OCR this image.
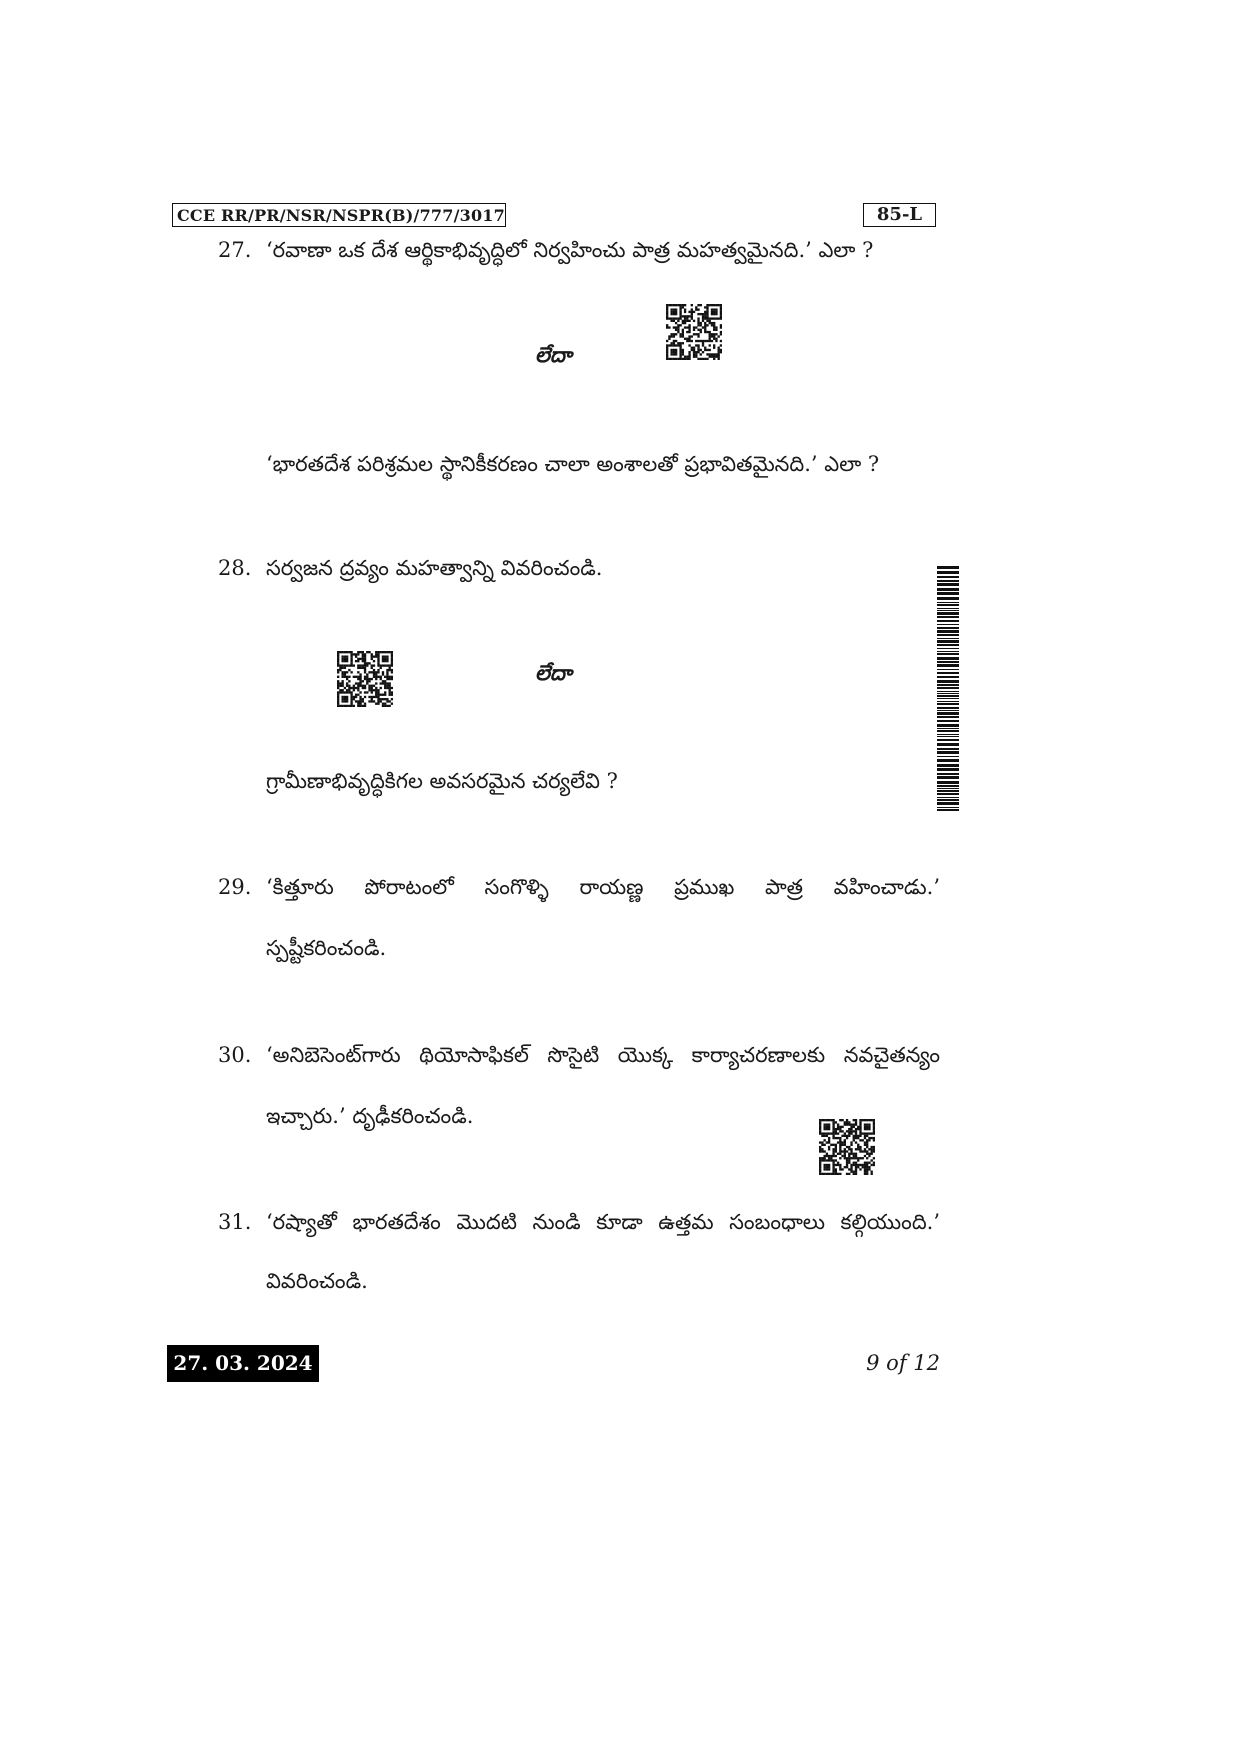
CCE RR/PR/NSR/NSPR(B)/777/3017	85-L
27. ‘రవాణా ఒక దేశ ఆర్థికాభివృద్ధిలో నిర్వహించు పాత్ర మహత్వమైనది.’ ఎలా ?
లేదా
‘భారతదేశ పరిశ్రమల స్థానికీకరణం చాలా అంశాలతో ప్రభావితమైనది.’ ఎలా ?
28. సర్వజన ద్రవ్యం మహత్వాన్ని వివరించండి.
లేదా
గ్రామీణాభివృద్ధికిగల అవసరమైన చర్యలేవి ?
29. ‘కిత్తూరు పోరాటంలో సంగొళ్ళి రాయణ్ణ ప్రముఖ పాత్ర వహించాడు.’
స్పష్టీకరించండి.
30. ‘అనిబెసెంట్‌గారు థియోసాఫికల్ సొసైటి యొక్క కార్యాచరణాలకు నవచైతన్యం
ఇచ్చారు.’ దృఢీకరించండి.
31. ‘రష్యాతో భారతదేశం మొదటి నుండి కూడా ఉత్తమ సంబంధాలు కల్గియుంది.’
వివరించండి.
27. 03. 2024	9 of 12
